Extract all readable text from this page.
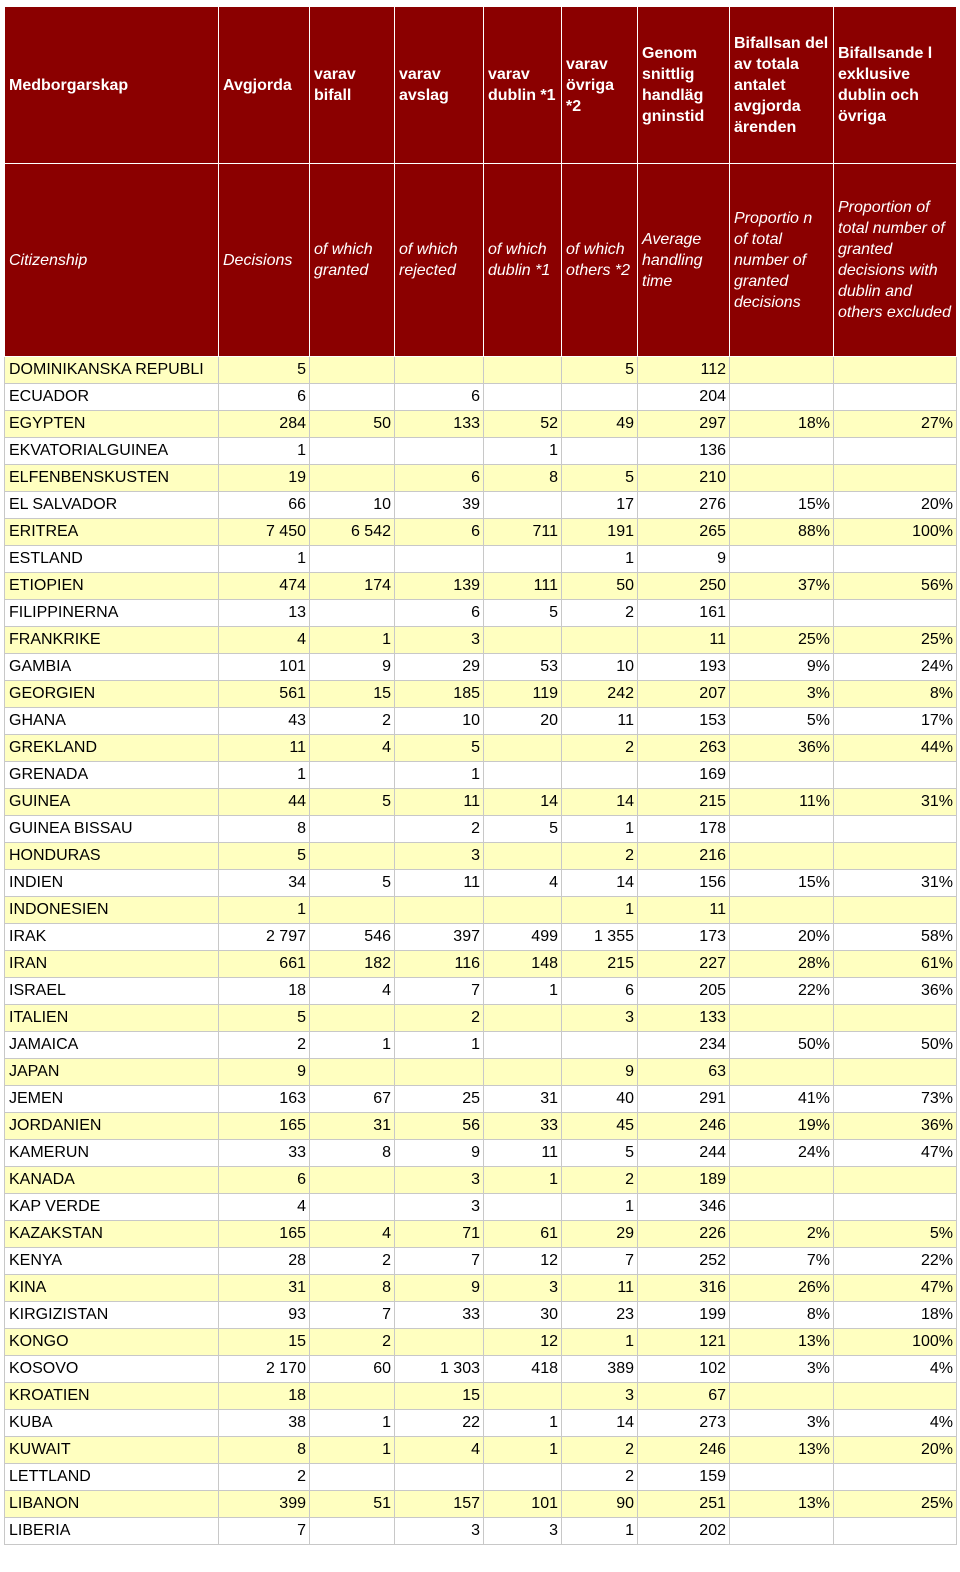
Medborgarskap	Avgjorda	varav bifall	varav avslag	varav dublin *1	varav övriga *2	Genom snittlig handläg gninstid	Bifallsan del av totala antalet avgjorda ärenden	Bifallsande l exklusive dublin och övriga
Citizenship	Decisions	of which granted	of which rejected	of which dublin *1	of which others *2	Average handling time	Proportio n of total number of granted decisions	Proportion of total number of granted decisions with dublin and others excluded
DOMINIKANSKA REPUBLI	5				5	112		
ECUADOR	6		6			204		
EGYPTEN	284	50	133	52	49	297	18%	27%
EKVATORIALGUINEA	1			1		136		
ELFENBENSKUSTEN	19		6	8	5	210		
EL SALVADOR	66	10	39		17	276	15%	20%
ERITREA	7 450	6 542	6	711	191	265	88%	100%
ESTLAND	1				1	9		
ETIOPIEN	474	174	139	111	50	250	37%	56%
FILIPPINERNA	13		6	5	2	161		
FRANKRIKE	4	1	3			11	25%	25%
GAMBIA	101	9	29	53	10	193	9%	24%
GEORGIEN	561	15	185	119	242	207	3%	8%
GHANA	43	2	10	20	11	153	5%	17%
GREKLAND	11	4	5		2	263	36%	44%
GRENADA	1		1			169		
GUINEA	44	5	11	14	14	215	11%	31%
GUINEA BISSAU	8		2	5	1	178		
HONDURAS	5		3		2	216		
INDIEN	34	5	11	4	14	156	15%	31%
INDONESIEN	1				1	11		
IRAK	2 797	546	397	499	1 355	173	20%	58%
IRAN	661	182	116	148	215	227	28%	61%
ISRAEL	18	4	7	1	6	205	22%	36%
ITALIEN	5		2		3	133		
JAMAICA	2	1	1			234	50%	50%
JAPAN	9				9	63		
JEMEN	163	67	25	31	40	291	41%	73%
JORDANIEN	165	31	56	33	45	246	19%	36%
KAMERUN	33	8	9	11	5	244	24%	47%
KANADA	6		3	1	2	189		
KAP VERDE	4		3		1	346		
KAZAKSTAN	165	4	71	61	29	226	2%	5%
KENYA	28	2	7	12	7	252	7%	22%
KINA	31	8	9	3	11	316	26%	47%
KIRGIZISTAN	93	7	33	30	23	199	8%	18%
KONGO	15	2		12	1	121	13%	100%
KOSOVO	2 170	60	1 303	418	389	102	3%	4%
KROATIEN	18		15		3	67		
KUBA	38	1	22	1	14	273	3%	4%
KUWAIT	8	1	4	1	2	246	13%	20%
LETTLAND	2				2	159		
LIBANON	399	51	157	101	90	251	13%	25%
LIBERIA	7		3	3	1	202		
